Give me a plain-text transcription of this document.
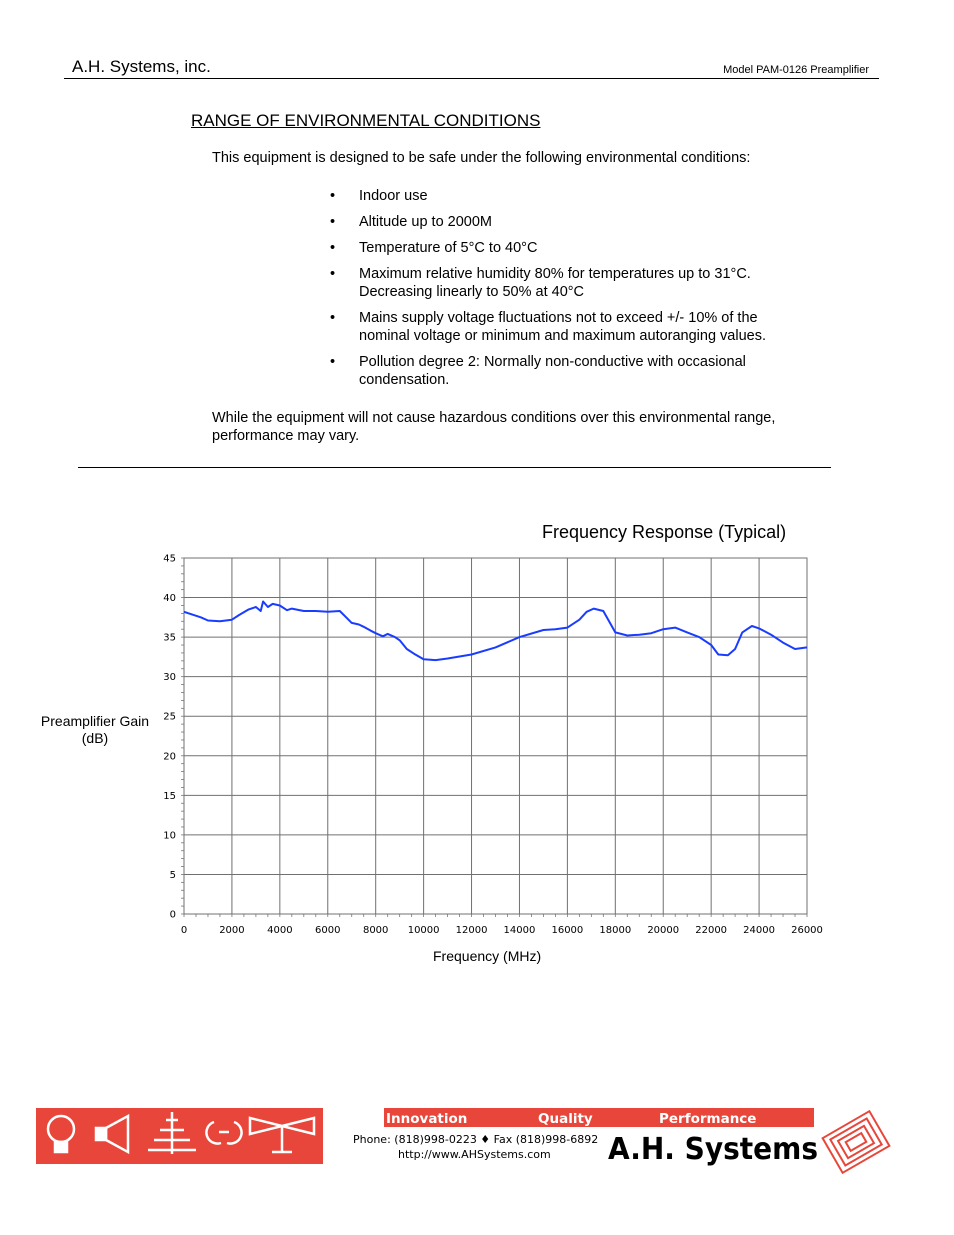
A.H. Systems, inc.	Model PAM-0126 Preamplifier
RANGE OF ENVIRONMENTAL CONDITIONS
This equipment is designed to be safe under the following environmental conditions:
• Indoor use
• Altitude up to 2000M
• Temperature of 5°C to 40°C
• Maximum relative humidity 80% for temperatures up to 31°C. Decreasing linearly to 50% at 40°C
• Mains supply voltage fluctuations not to exceed +/- 10% of the nominal voltage or minimum and maximum autoranging values.
• Pollution degree 2: Normally non-conductive with occasional condensation.
While the equipment will not cause hazardous conditions over this environmental range, performance may vary.
Frequency Response (Typical)
Preamplifier Gain (dB)
Frequency (MHz)
0	2000 4000 6000 8000 10000 12000 14000 16000 18000 20000 22000 24000 26000
0
5
10
15
20
25
30
35
40
45
Innovation	Quality	Performance
Phone: (818)998-0223 ♦ Fax (818)998-6892
http://www.AHSystems.com A.H. Systems
